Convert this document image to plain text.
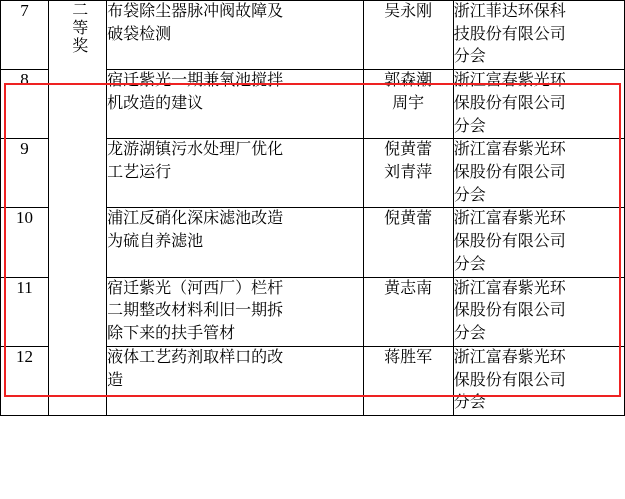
7	二等奖	布袋除尘器脉冲阀故障及
破袋检测	吴永刚	浙江菲达环保科
技股份有限公司
分会

8		宿迁紫光一期兼氧池搅拌
机改造的建议	郭森潮
周宇	浙江富春紫光环
保股份有限公司
分会

9		龙游湖镇污水处理厂优化
工艺运行	倪黄蕾
刘青萍	浙江富春紫光环
保股份有限公司
分会

10		浦江反硝化深床滤池改造
为硫自养滤池	倪黄蕾	浙江富春紫光环
保股份有限公司
分会

11		宿迁紫光（河西厂）栏杆
二期整改材料利旧一期拆
除下来的扶手管材	黄志南	浙江富春紫光环
保股份有限公司
分会

12		液体工艺药剂取样口的改
造	蒋胜军	浙江富春紫光环
保股份有限公司
分会
